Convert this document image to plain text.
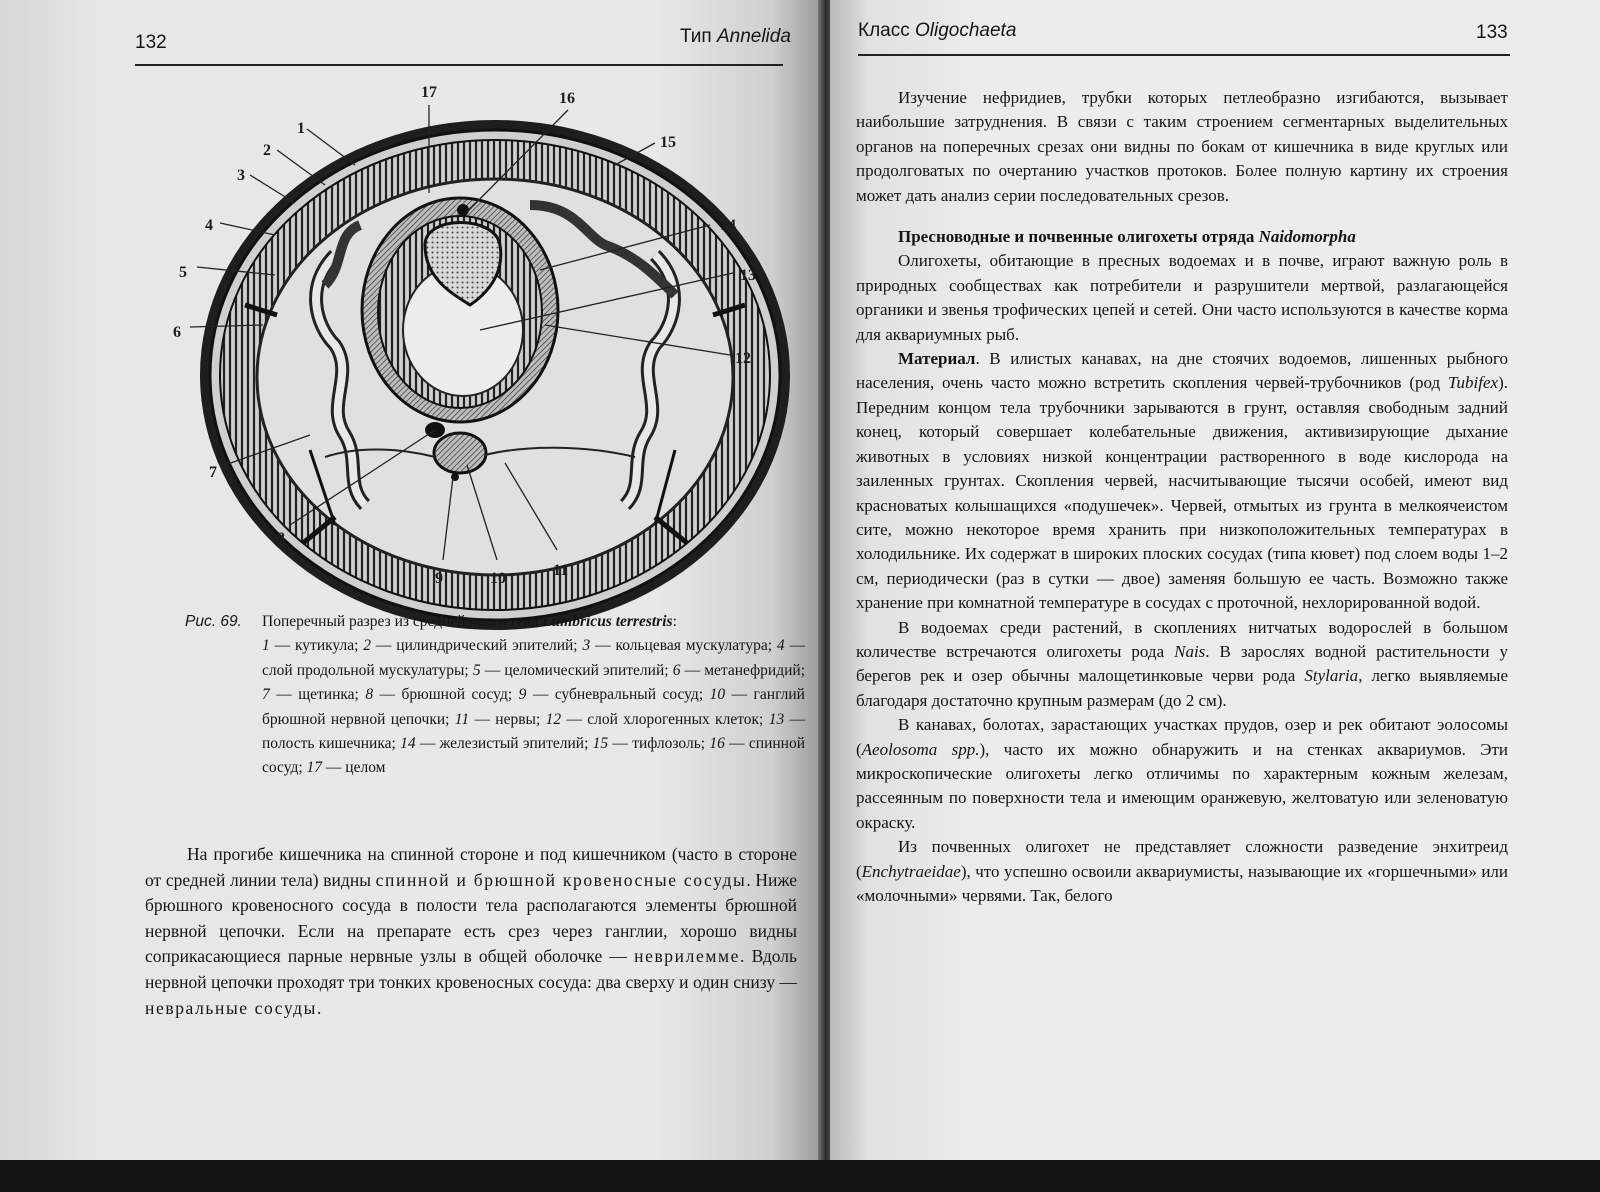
132	Тип Annelida
17	16
15
14
13
12
1
2
3
4
5
6
7
8
9	10	11
Рис. 69. Поперечный разрез из средней части тела Lumbricus terrestris:
1 — кутикула; 2 — цилиндрический эпителий; 3 — кольцевая мускулатура; 4 — слой продольной мускулатуры; 5 — целомический эпителий; 6 — метанефридий; 7 — щетинка; 8 — брюшной сосуд; 9 — субневральный сосуд; 10 — ганглий брюшной нервной цепочки; 11 — нервы; 12 — слой хлорогенных клеток; 13 — полость кишечника; 14 — железистый эпителий; 15 — тифлозоль; 16 — спинной сосуд; 17 — целом

На прогибе кишечника на спинной стороне и под кишечником (часто в стороне от средней линии тела) видны спинной и брюшной кровеносные сосуды. Ниже брюшного кровеносного сосуда в полости тела располагаются элементы брюшной нервной цепочки. Если на препарате есть срез через ганглии, хорошо видны соприкасающиеся парные нервные узлы в общей оболочке — неврилемме. Вдоль нервной цепочки проходят три тонких кровеносных сосуда: два сверху и один снизу — невральные сосуды.

Класс Oligochaeta	133

Изучение нефридиев, трубки которых петлеобразно изгибаются, вызывает наибольшие затруднения. В связи с таким строением сегментарных выделительных органов на поперечных срезах они видны по бокам от кишечника в виде круглых или продолговатых по очертанию участков протоков. Более полную картину их строения может дать анализ серии последовательных срезов.

Пресноводные и почвенные олигохеты отряда Naidomorpha

Олигохеты, обитающие в пресных водоемах и в почве, играют важную роль в природных сообществах как потребители и разрушители мертвой, разлагающейся органики и звенья трофических цепей и сетей. Они часто используются в качестве корма для аквариумных рыб.

Материал. В илистых канавах, на дне стоячих водоемов, лишенных рыбного населения, очень часто можно встретить скопления червей-трубочников (род Tubifex). Передним концом тела трубочники зарываются в грунт, оставляя свободным задний конец, который совершает колебательные движения, активизирующие дыхание животных в условиях низкой концентрации растворенного в воде кислорода на заиленных грунтах. Скопления червей, насчитывающие тысячи особей, имеют вид красноватых колышащихся «подушечек». Червей, отмытых из грунта в мелкоячеистом сите, можно некоторое время хранить при низкоположительных температурах в холодильнике. Их содержат в широких плоских сосудах (типа кювет) под слоем воды 1–2 см, периодически (раз в сутки — двое) заменяя большую ее часть. Возможно также хранение при комнатной температуре в сосудах с проточной, нехлорированной водой.

В водоемах среди растений, в скоплениях нитчатых водорослей в большом количестве встречаются олигохеты рода Nais. В зарослях водной растительности у берегов рек и озер обычны малощетинковые черви рода Stylaria, легко выявляемые благодаря достаточно крупным размерам (до 2 см).

В канавах, болотах, зарастающих участках прудов, озер и рек обитают эолосомы (Aeolosoma spp.), часто их можно обнаружить и на стенках аквариумов. Эти микроскопические олигохеты легко отличимы по характерным кожным железам, рассеянным по поверхности тела и имеющим оранжевую, желтоватую или зеленоватую окраску.

Из почвенных олигохет не представляет сложности разведение энхитреид (Enchytraeidae), что успешно освоили аквариумисты, называющие их «горшечными» или «молочными» червями. Так, белого
